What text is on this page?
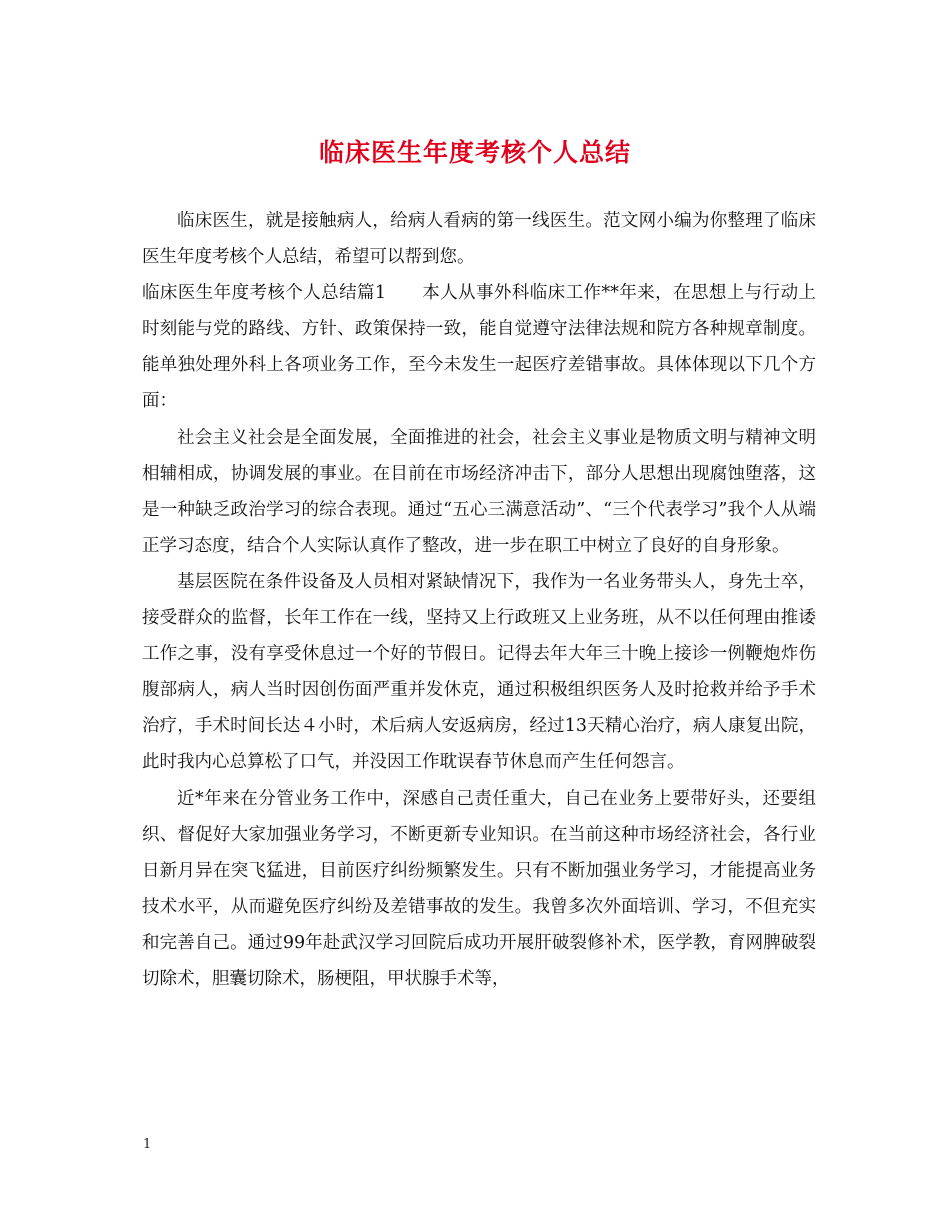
临床医生年度考核个人总结

临床医生，就是接触病人，给病人看病的第一线医生。范文网小编为你整理了临床医生年度考核个人总结，希望可以帮到您。

临床医生年度考核个人总结篇1　　本人从事外科临床工作**年来，在思想上与行动上时刻能与党的路线、方针、政策保持一致，能自觉遵守法律法规和院方各种规章制度。能单独处理外科上各项业务工作，至今未发生一起医疗差错事故。具体体现以下几个方面：

社会主义社会是全面发展，全面推进的社会，社会主义事业是物质文明与精神文明相辅相成，协调发展的事业。在目前在市场经济冲击下，部分人思想出现腐蚀堕落，这是一种缺乏政治学习的综合表现。通过“五心三满意活动”、“三个代表学习”我个人从端正学习态度，结合个人实际认真作了整改，进一步在职工中树立了良好的自身形象。

基层医院在条件设备及人员相对紧缺情况下，我作为一名业务带头人，身先士卒，接受群众的监督，长年工作在一线，坚持又上行政班又上业务班，从不以任何理由推诿工作之事，没有享受休息过一个好的节假日。记得去年大年三十晚上接诊一例鞭炮炸伤腹部病人，病人当时因创伤面严重并发休克，通过积极组织医务人及时抢救并给予手术治疗，手术时间长达４小时，术后病人安返病房，经过13天精心治疗，病人康复出院，此时我内心总算松了口气，并没因工作耽误春节休息而产生任何怨言。

近*年来在分管业务工作中，深感自己责任重大，自己在业务上要带好头，还要组织、督促好大家加强业务学习，不断更新专业知识。在当前这种市场经济社会，各行业日新月异在突飞猛进，目前医疗纠纷频繁发生。只有不断加强业务学习，才能提高业务技术水平，从而避免医疗纠纷及差错事故的发生。我曾多次外面培训、学习，不但充实和完善自己。通过99年赴武汉学习回院后成功开展肝破裂修补术，医学教，育网脾破裂切除术，胆囊切除术，肠梗阻，甲状腺手术等，

1
